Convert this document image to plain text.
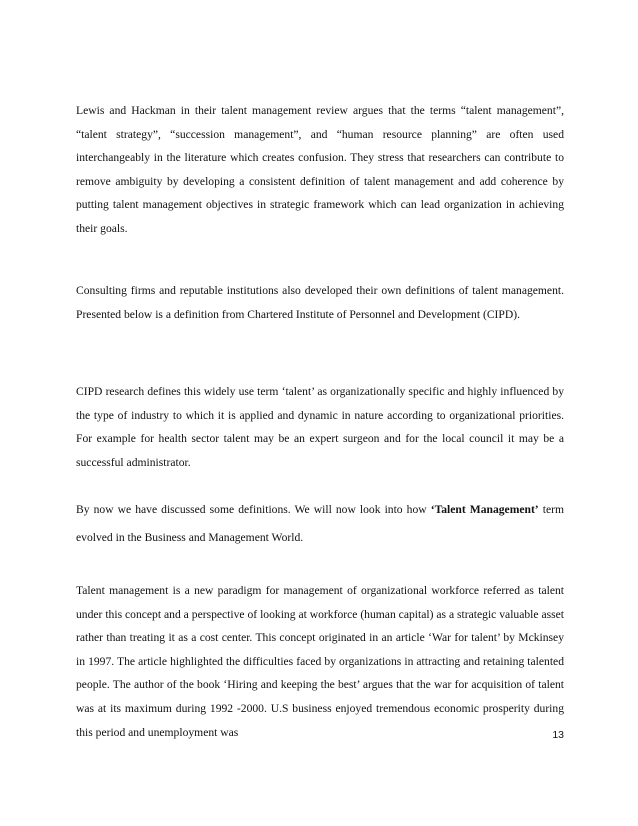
Lewis and Hackman in their talent management review argues that the terms “talent management”, “talent strategy”, “succession management”, and “human resource planning” are often used interchangeably in the literature which creates confusion. They stress that researchers can contribute to remove ambiguity by developing a consistent definition of talent management and add coherence by putting talent management objectives in strategic framework which can lead organization in achieving their goals.

Consulting firms and reputable institutions also developed their own definitions of talent management. Presented below is a definition from Chartered Institute of Personnel and Development (CIPD).

CIPD research defines this widely use term ‘talent’ as organizationally specific and highly influenced by the type of industry to which it is applied and dynamic in nature according to organizational priorities. For example for health sector talent may be an expert surgeon and for the local council it may be a successful administrator.

By now we have discussed some definitions. We will now look into how ‘Talent Management’ term evolved in the Business and Management World.

Talent management is a new paradigm for management of organizational workforce referred as talent under this concept and a perspective of looking at workforce (human capital) as a strategic valuable asset rather than treating it as a cost center. This concept originated in an article ‘War for talent’ by Mckinsey in 1997. The article highlighted the difficulties faced by organizations in attracting and retaining talented people. The author of the book ‘Hiring and keeping the best’ argues that the war for acquisition of talent was at its maximum during 1992 -2000. U.S business enjoyed tremendous economic prosperity during this period and unemployment was	13
